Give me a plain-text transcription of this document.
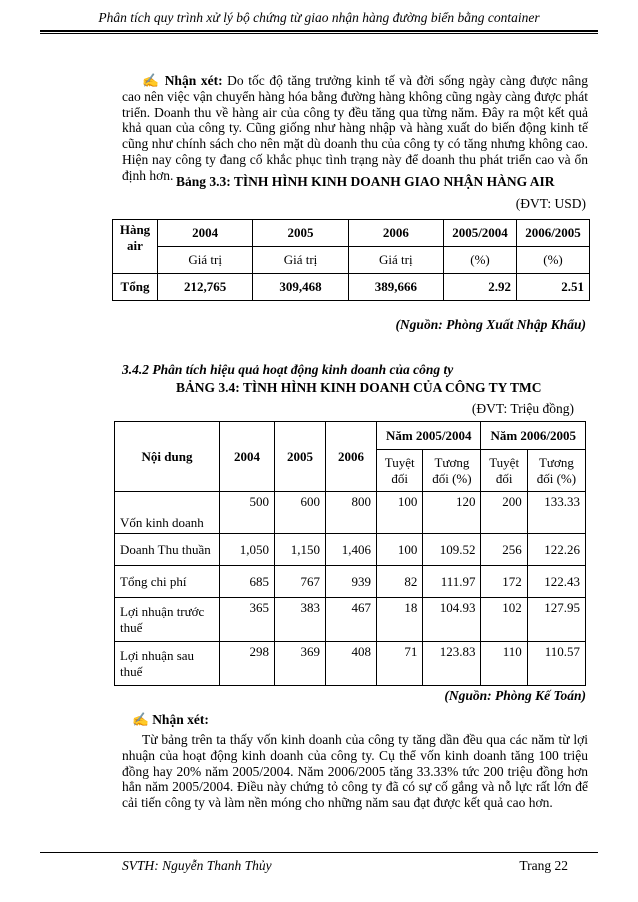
Phân tích quy trình xử lý bộ chứng từ giao nhận hàng đường biển bằng container
✍ Nhận xét: Do tốc độ tăng trưởng kinh tế và đời sống ngày càng được nâng cao nên việc vận chuyển hàng hóa bằng đường hàng không cũng ngày càng được phát triển. Doanh thu về hàng air của công ty đều tăng qua từng năm. Đây ra một kết quả khả quan của công ty. Cũng giống như hàng nhập và hàng xuất do biến động kinh tế cũng như chính sách cho nên mặt dù doanh thu của công ty có tăng nhưng không cao. Hiện nay công ty đang cố khắc phục tình trạng này để doanh thu phát triển cao và ổn định hơn. Bảng 3.3: TÌNH HÌNH KINH DOANH GIAO NHẬN HÀNG AIR
(ĐVT: USD)
Hàng air	2004	2005	2006	2005/2004	2006/2005

	Giá trị	Giá trị	Giá trị	(%)	(%)
Tổng	212,765	309,468	389,666	2.92	2.51
(Nguồn: Phòng Xuất Nhập Khẩu)
3.4.2 Phân tích hiệu quả hoạt động kinh doanh của công ty
BẢNG 3.4: TÌNH HÌNH KINH DOANH CỦA CÔNG TY TMC
(ĐVT: Triệu đồng)
Nội dung	2004	2005	2006	Năm 2005/2004		Năm 2006/2005	
				Tuyệt đối	Tương đối (%)	Tuyệt đối	Tương đối (%)
Vốn kinh doanh	500	600	800	100	120	200	133.33
Doanh Thu thuần	1,050	1,150	1,406	100	109.52	256	122.26
Tổng chi phí	685	767	939	82	111.97	172	122.43
Lợi nhuận trước thuế	365	383	467	18	104.93	102	127.95
Lợi nhuận sau thuế	298	369	408	71	123.83	110	110.57
(Nguồn: Phòng Kế Toán)
✍ Nhận xét:
Từ bảng trên ta thấy vốn kinh doanh của công ty tăng dần đều qua các năm từ lợi nhuận của hoạt động kinh doanh của công ty. Cụ thể vốn kinh doanh tăng 100 triệu đồng hay 20% năm 2005/2004. Năm 2006/2005 tăng 33.33% tức 200 triệu đồng hơn hẳn năm 2005/2004. Điều này chứng tỏ công ty đã có sự cố gắng và nỗ lực rất lớn để cải tiến công ty và làm nền móng cho những năm sau đạt được kết quả cao hơn.
SVTH: Nguyễn Thanh Thủy	Trang 22
